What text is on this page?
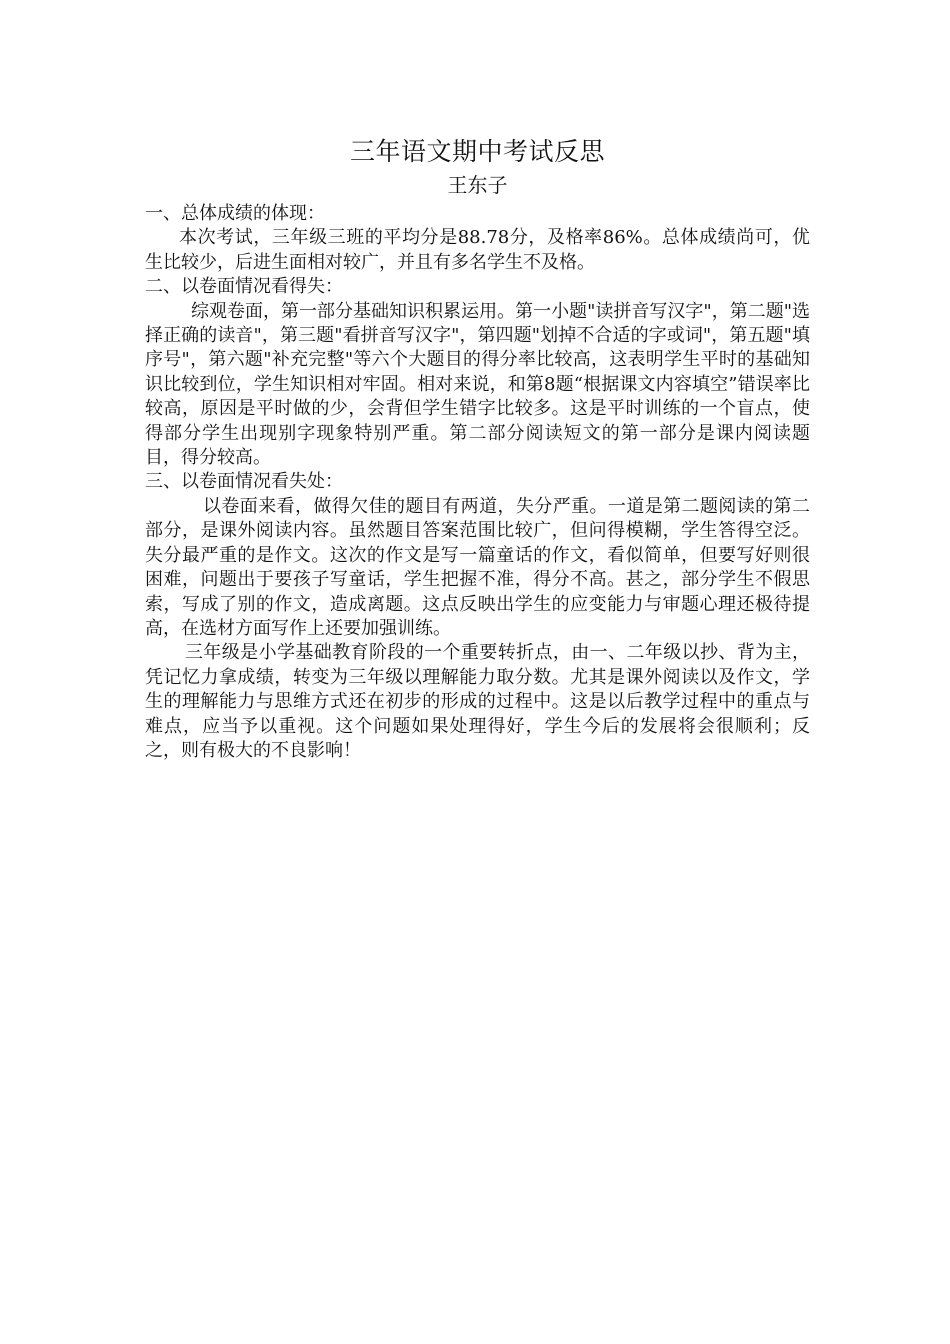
三年语文期中考试反思
王东子
一、总体成绩的体现：

本次考试，三年级三班的平均分是88.78分，及格率86%。总体成绩尚可，优生比较少，后进生面相对较广，并且有多名学生不及格。

二、以卷面情况看得失：

综观卷面，第一部分基础知识积累运用。第一小题"读拼音写汉字"，第二题"选择正确的读音"，第三题"看拼音写汉字"，第四题"划掉不合适的字或词"，第五题"填序号"，第六题"补充完整"等六个大题目的得分率比较高，这表明学生平时的基础知识比较到位，学生知识相对牢固。相对来说，和第8题“根据课文内容填空”错误率比较高，原因是平时做的少，会背但学生错字比较多。这是平时训练的一个盲点，使得部分学生出现别字现象特别严重。第二部分阅读短文的第一部分是课内阅读题目，得分较高。

三、以卷面情况看失处：

以卷面来看，做得欠佳的题目有两道，失分严重。一道是第二题阅读的第二部分，是课外阅读内容。虽然题目答案范围比较广，但问得模糊，学生答得空泛。失分最严重的是作文。这次的作文是写一篇童话的作文，看似简单，但要写好则很困难，问题出于要孩子写童话，学生把握不准，得分不高。甚之，部分学生不假思索，写成了别的作文，造成离题。这点反映出学生的应变能力与审题心理还极待提高，在选材方面写作上还要加强训练。

三年级是小学基础教育阶段的一个重要转折点，由一、二年级以抄、背为主，凭记忆力拿成绩，转变为三年级以理解能力取分数。尤其是课外阅读以及作文，学生的理解能力与思维方式还在初步的形成的过程中。这是以后教学过程中的重点与难点，应当予以重视。这个问题如果处理得好，学生今后的发展将会很顺利；反之，则有极大的不良影响！
